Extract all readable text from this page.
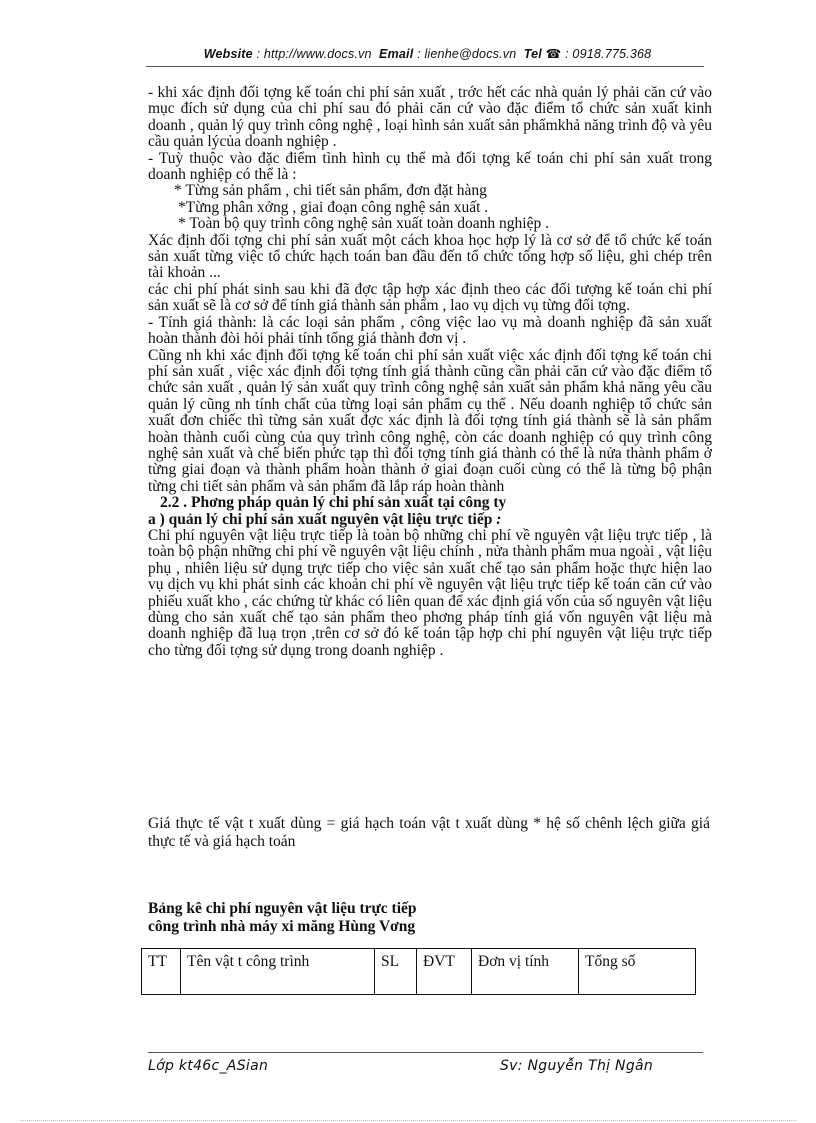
Website : http://www.docs.vn Email : lienhe@docs.vn Tel ☎ : 0918.775.368

- khi xác định đối tợng kế toán chi phí sản xuất , trớc hết các nhà quản lý phải căn cứ vào mục đích sử dụng của chi phí sau đó phải căn cứ vào đặc điểm tổ chức sản xuất kinh doanh , quản lý quy trình công nghệ , loại hình sản xuất sản phẩmkhả năng trình độ và yêu cầu quản lýcủa doanh nghiệp .

- Tuỳ thuộc vào đặc điểm tình hình cụ thể mà đối tợng kế toán chi phí sản xuất trong doanh nghiệp có thể là :

* Từng sản phẩm , chi tiết sản phẩm, đơn đặt hàng

*Từng phân xởng , giai đoạn công nghệ sản xuất .

* Toàn bộ quy trình công nghệ sản xuất toàn doanh nghiệp .

Xác định đối tợng chi phí sản xuất một cách khoa học hợp lý là cơ sở để tổ chức kế toán sản xuất từng việc tổ chức hạch toán ban đầu đến tổ chức tổng hợp số liệu, ghi chép trên tài khoản ...

các chi phí phát sinh sau khi đã đợc tập hợp xác định theo các đối tượng kế toán chi phí sản xuất sẽ là cơ sở để tính giá thành sản phẩm , lao vụ dịch vụ từng đối tợng.

- Tính giá thành: là các loại sản phẩm , công việc lao vụ mà doanh nghiệp đã sản xuất hoàn thành đòi hỏi phải tính tổng giá thành đơn vị .

Cũng nh khi xác định đối tợng kế toán chi phí sản xuất việc xác định đối tợng kế toán chi phí sản xuất , việc xác định đối tợng tính giá thành cũng cần phải căn cứ vào đặc điểm tổ chức sản xuất , quản lý sản xuất quy trình công nghệ sản xuất sản phẩm khả năng yêu cầu quản lý cũng nh tính chất của từng loại sản phẩm cụ thể . Nếu doanh nghiệp tổ chức sản xuất đơn chiếc thì từng sản xuất đợc xác định là đối tợng tính giá thành sẽ là sản phẩm hoàn thành cuối cùng của quy trình công nghệ, còn các doanh nghiệp có quy trình công nghệ sản xuất và chế biến phức tạp thì đối tợng tính giá thành có thể là nửa thành phẩm ở từng giai đoạn và thành phẩm hoàn thành ở giai đoạn cuối cùng có thể là từng bộ phận từng chi tiết sản phẩm và sản phẩm đã lắp ráp hoàn thành

2.2 . Phơng pháp quản lý chi phí sản xuất tại công ty

a ) quản lý chi phí sản xuất nguyên vật liệu trực tiếp :

Chi phí nguyên vật liệu trực tiếp là toàn bộ những chi phí về nguyên vật liệu trực tiếp , là toàn bộ phận những chi phí về nguyên vật liệu chính , nửa thành phẩm mua ngoài , vật liệu phụ , nhiên liệu sử dụng trực tiếp cho việc sản xuất chế tạo sản phẩm hoặc thực hiện lao vụ dịch vụ khi phát sinh các khoản chi phí về nguyên vật liệu trực tiếp kế toán căn cứ vào phiếu xuất kho , các chứng từ khác có liên quan để xác định giá vốn của số nguyên vật liệu dùng cho sản xuất chế tạo sản phẩm theo phơng pháp tính giá vốn nguyên vật liệu mà doanh nghiệp đã luạ trọn ,trên cơ sở đó kế toán tập hợp chi phí nguyên vật liệu trực tiếp cho từng đối tợng sử dụng trong doanh nghiệp .

Giá thực tế vật t xuất dùng = giá hạch toán vật t xuất dùng * hệ số chênh lệch giữa giá thực tế và giá hạch toán
Bảng kê chi phí nguyên vật liệu trực tiếp
công trình nhà máy xi măng Hùng Vơng
TT	Tên vật t công trình	SL	ĐVT	Đơn vị tính	Tổng số
Lớp kt46c_ASian	Sv: Nguyễn Thị Ngân
